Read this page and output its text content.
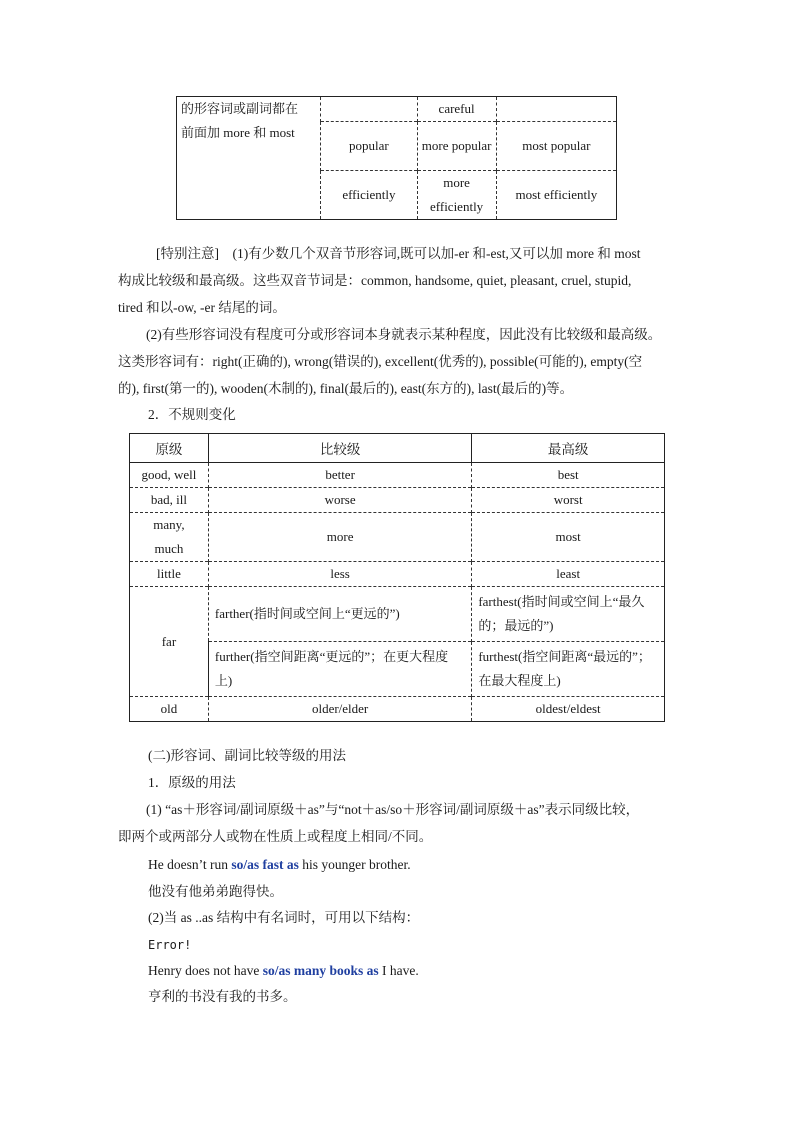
的形容词或副词都在
前面加 more 和 most		careful	
	popular	more popular	most popular
	efficiently	more efficiently	most efficiently
[特别注意]　 (1)有少数几个双音节形容词,既可以加-er 和-est,又可以加 more 和 most
构成比较级和最高级。这些双音节词是：common, handsome, quiet, pleasant, cruel, stupid,
tired 和以-ow, -er 结尾的词。
(2)有些形容词没有程度可分或形容词本身就表示某种程度，因此没有比较级和最高级。
这类形容词有：right(正确的), wrong(错误的), excellent(优秀的), possible(可能的), empty(空
的), first(第一的), wooden(木制的), final(最后的), east(东方的), last(最后的)等。
2．不规则变化
原级	比较级	最高级
good, well	better	best
bad, ill	worse	worst

many, much	more	most
little	less	least
far	farther(指时间或空间上“更远的”)	farthest(指时间或空间上“最久的；最远的”)
	further(指空间距离“更远的”；在更大程度上)	furthest(指空间距离“最远的”；在最大程度上)
old	older/elder	oldest/eldest
(二)形容词、副词比较等级的用法
1．原级的用法
(1) “as＋形容词/副词原级＋as”与“not＋as/so＋形容词/副词原级＋as”表示同级比较，
即两个或两部分人或物在性质上或程度上相同/不同。
He doesn’t run so/as fast as his younger brother.
他没有他弟弟跑得快。
(2)当 as ..as 结构中有名词时，可用以下结构：
Error!
Henry does not have so/as many books as I have.
亨利的书没有我的书多。
